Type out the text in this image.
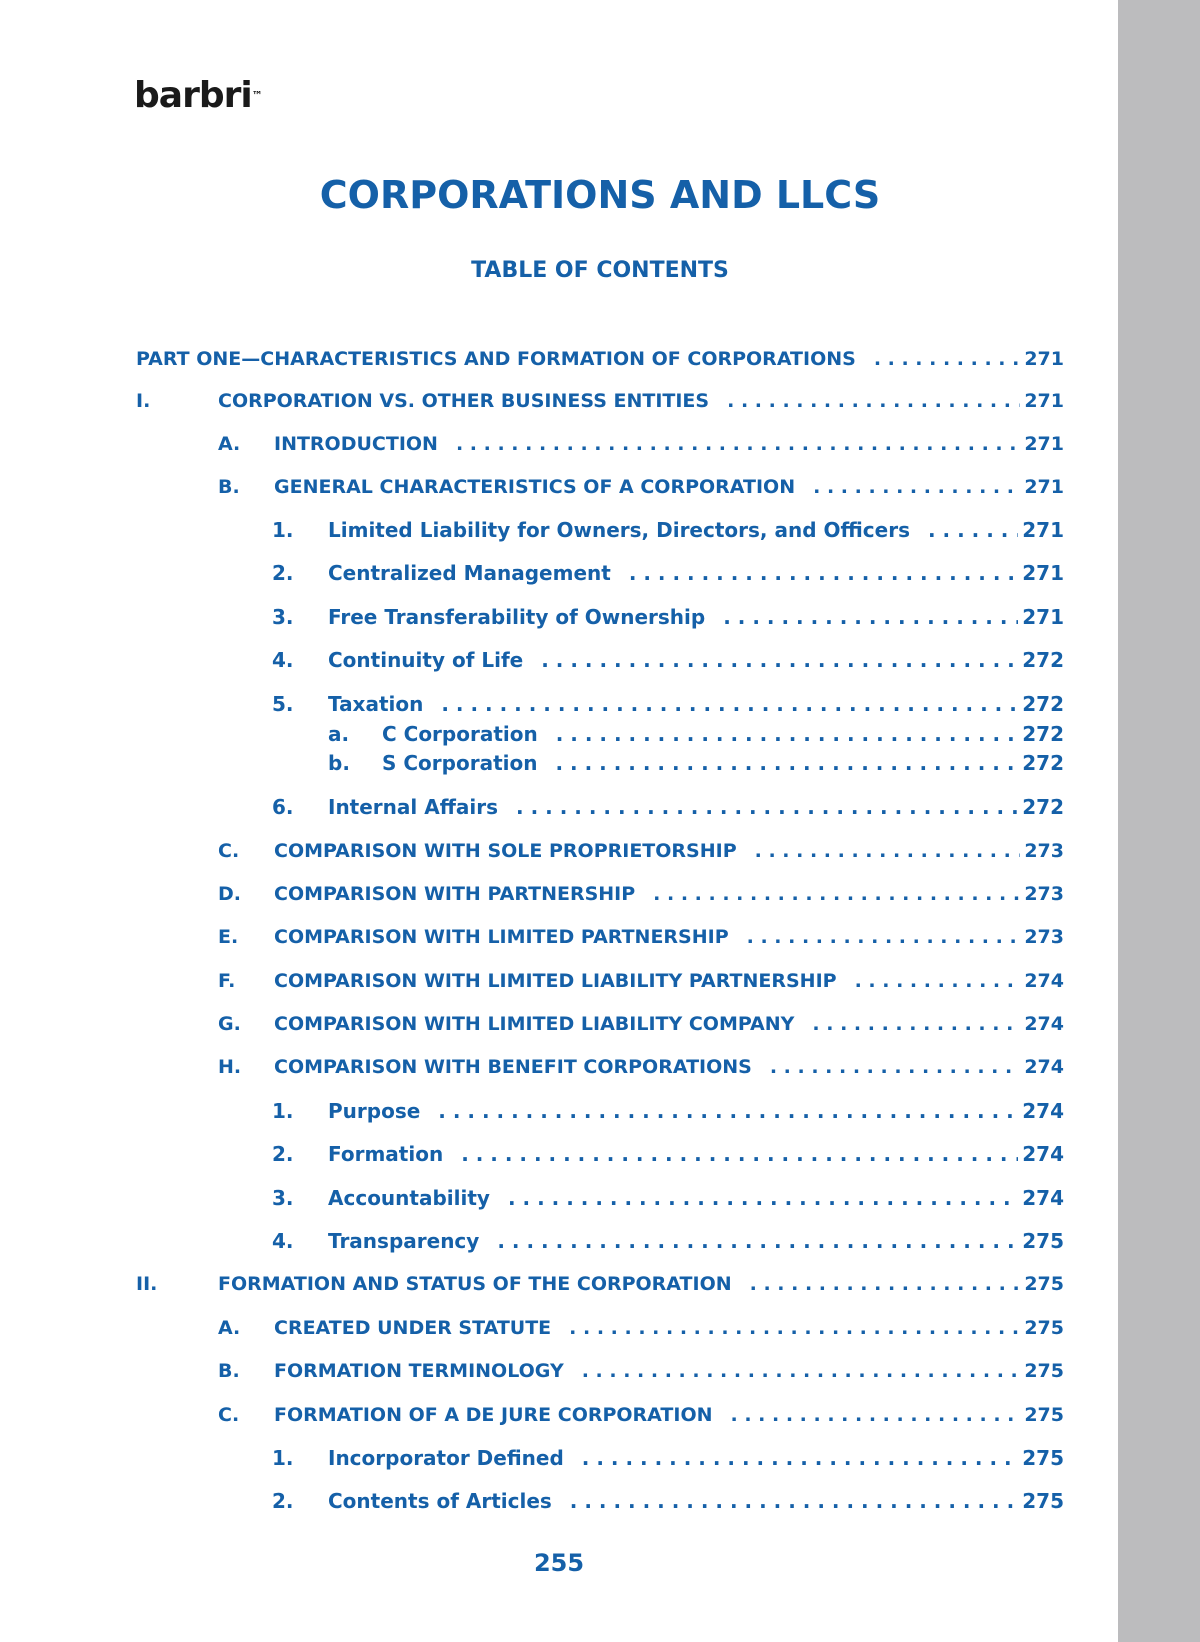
barbri™
CORPORATIONS AND LLCS
TABLE OF CONTENTS
PART ONE—CHARACTERISTICS AND FORMATION OF CORPORATIONS . . .	271
I.	CORPORATION VS. OTHER BUSINESS ENTITIES . . .	271
A.	INTRODUCTION . . .	271
B.	GENERAL CHARACTERISTICS OF A CORPORATION . . .	271
1.	Limited Liability for Owners, Directors, and Officers . . .	271
2.	Centralized Management . . .	271
3.	Free Transferability of Ownership . . .	271
4.	Continuity of Life . . .	272
5.	Taxation . . .	272
a.	C Corporation . . .	272
b.	S Corporation . . .	272
6.	Internal Affairs . . .	272
C.	COMPARISON WITH SOLE PROPRIETORSHIP . . .	273
D.	COMPARISON WITH PARTNERSHIP . . .	273
E.	COMPARISON WITH LIMITED PARTNERSHIP . . .	273
F.	COMPARISON WITH LIMITED LIABILITY PARTNERSHIP . . .	274
G.	COMPARISON WITH LIMITED LIABILITY COMPANY . . .	274
H.	COMPARISON WITH BENEFIT CORPORATIONS . . .	274
1.	Purpose . . .	274
2.	Formation . . .	274
3.	Accountability . . .	274
4.	Transparency . . .	275
II.	FORMATION AND STATUS OF THE CORPORATION . . .	275
A.	CREATED UNDER STATUTE . . .	275
B.	FORMATION TERMINOLOGY . . .	275
C.	FORMATION OF A DE JURE CORPORATION . . .	275
1.	Incorporator Defined . . .	275
2.	Contents of Articles . . .	275
255
